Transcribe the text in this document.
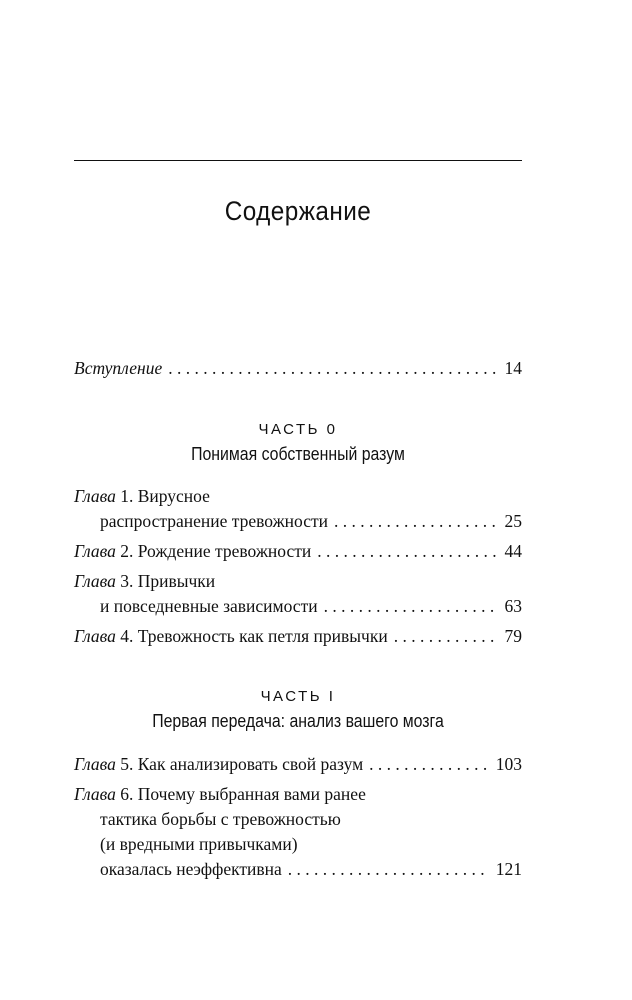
Содержание
Вступление . . .	14
ЧАСТЬ 0
Понимая собственный разум
Глава 1. Вирусное
распространение тревожности . . .	25
Глава 2. Рождение тревожности . . .	44
Глава 3. Привычки
и повседневные зависимости . . .	63
Глава 4. Тревожность как петля привычки . . .	79
ЧАСТЬ I
Первая передача: анализ вашего мозга
Глава 5. Как анализировать свой разум . . .	103
Глава 6. Почему выбранная вами ранее
тактика борьбы с тревожностью
(и вредными привычками)
оказалась неэффективна . . .	121
